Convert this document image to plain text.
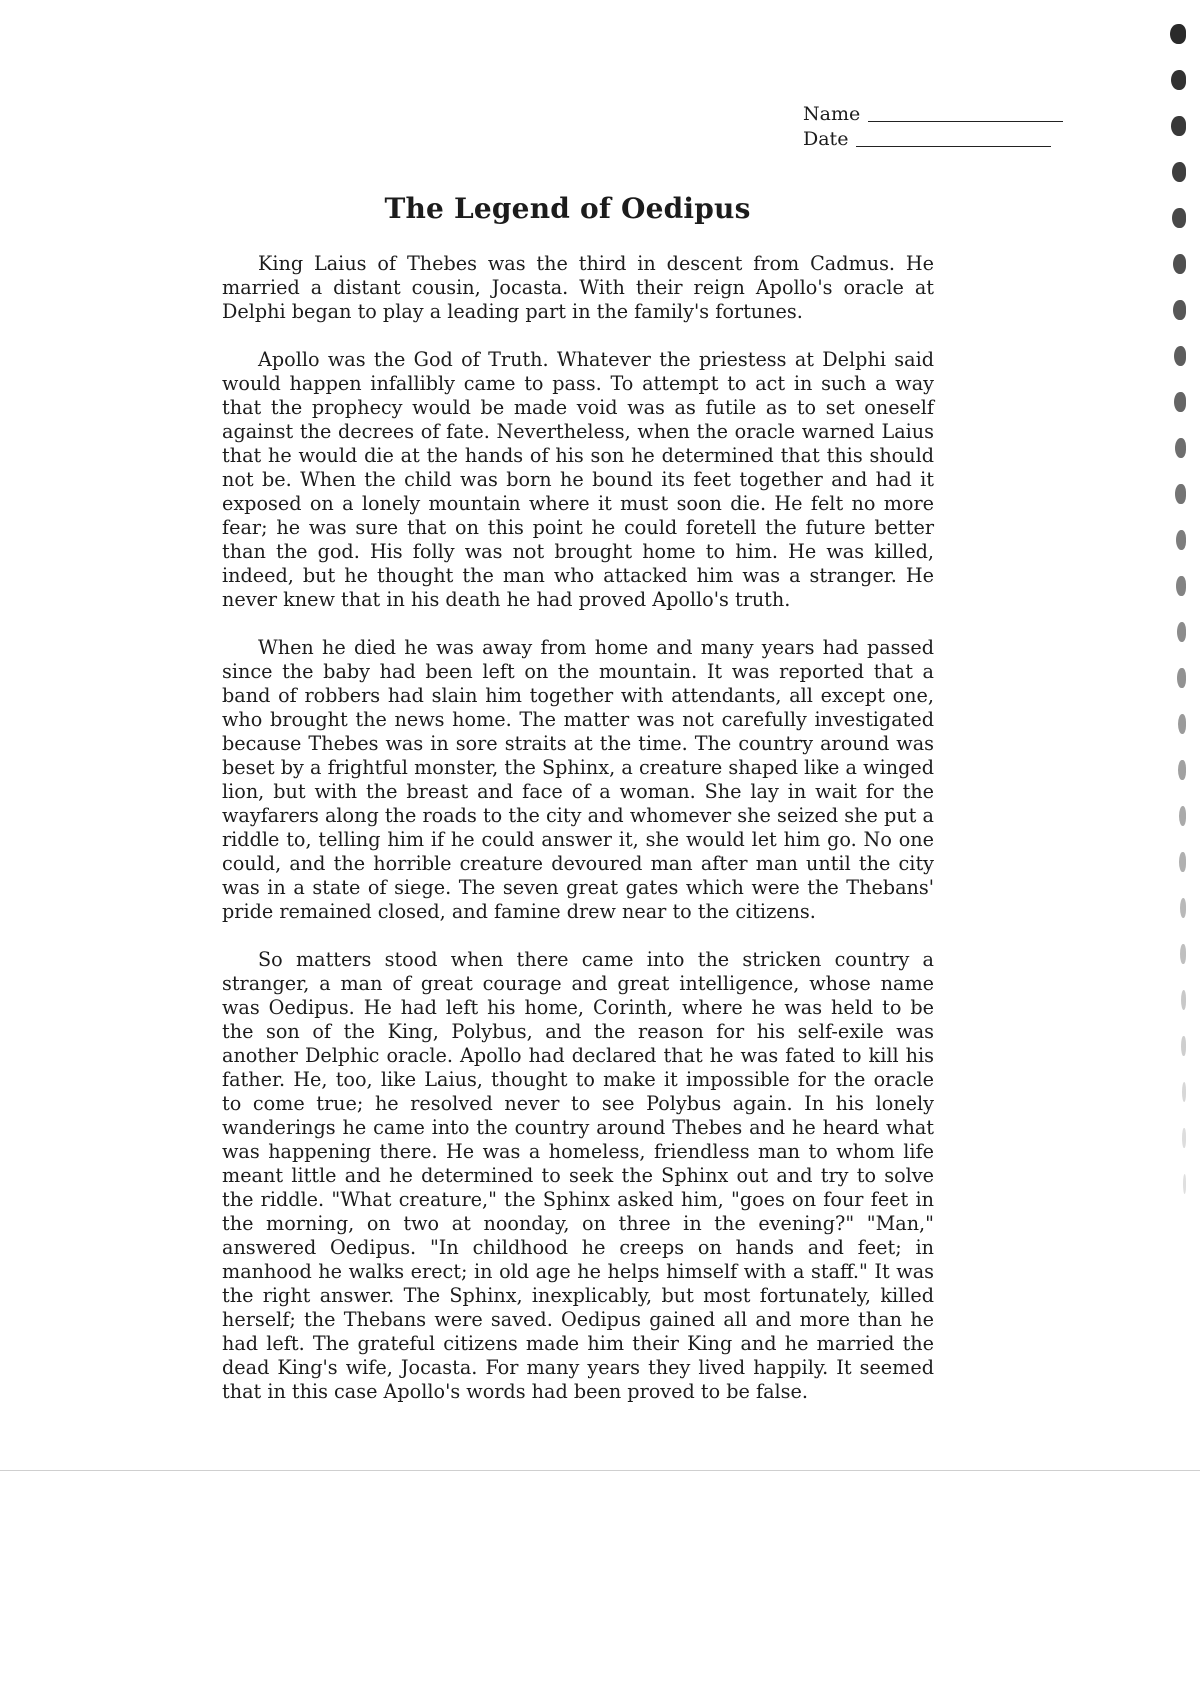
Name
Date
The Legend of Oedipus

King Laius of Thebes was the third in descent from Cadmus. He married a distant cousin, Jocasta. With their reign Apollo's oracle at Delphi began to play a leading part in the family's fortunes.

Apollo was the God of Truth. Whatever the priestess at Delphi said would happen infallibly came to pass. To attempt to act in such a way that the prophecy would be made void was as futile as to set oneself against the decrees of fate. Nevertheless, when the oracle warned Laius that he would die at the hands of his son he determined that this should not be. When the child was born he bound its feet together and had it exposed on a lonely mountain where it must soon die. He felt no more fear; he was sure that on this point he could foretell the future better than the god. His folly was not brought home to him. He was killed, indeed, but he thought the man who attacked him was a stranger. He never knew that in his death he had proved Apollo's truth.

When he died he was away from home and many years had passed since the baby had been left on the mountain. It was reported that a band of robbers had slain him together with attendants, all except one, who brought the news home. The matter was not carefully investigated because Thebes was in sore straits at the time. The country around was beset by a frightful monster, the Sphinx, a creature shaped like a winged lion, but with the breast and face of a woman. She lay in wait for the wayfarers along the roads to the city and whomever she seized she put a riddle to, telling him if he could answer it, she would let him go. No one could, and the horrible creature devoured man after man until the city was in a state of siege. The seven great gates which were the Thebans' pride remained closed, and famine drew near to the citizens.

So matters stood when there came into the stricken country a stranger, a man of great courage and great intelligence, whose name was Oedipus. He had left his home, Corinth, where he was held to be the son of the King, Polybus, and the reason for his self-exile was another Delphic oracle. Apollo had declared that he was fated to kill his father. He, too, like Laius, thought to make it impossible for the oracle to come true; he resolved never to see Polybus again. In his lonely wanderings he came into the country around Thebes and he heard what was happening there. He was a homeless, friendless man to whom life meant little and he determined to seek the Sphinx out and try to solve the riddle. "What creature," the Sphinx asked him, "goes on four feet in the morning, on two at noonday, on three in the evening?" "Man," answered Oedipus. "In childhood he creeps on hands and feet; in manhood he walks erect; in old age he helps himself with a staff." It was the right answer. The Sphinx, inexplicably, but most fortunately, killed herself; the Thebans were saved. Oedipus gained all and more than he had left. The grateful citizens made him their King and he married the dead King's wife, Jocasta. For many years they lived happily. It seemed that in this case Apollo's words had been proved to be false.
